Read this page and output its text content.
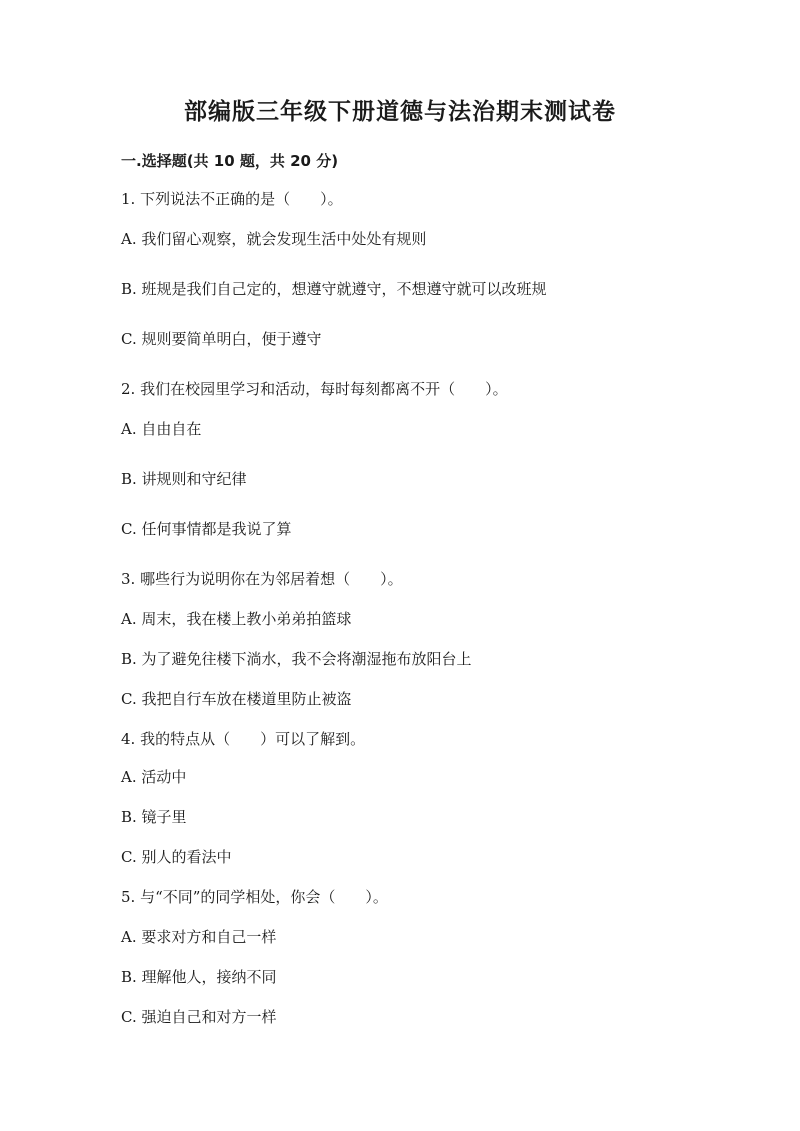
部编版三年级下册道德与法治期末测试卷
一.选择题(共 10 题，共 20 分)
1. 下列说法不正确的是（　　）。
A. 我们留心观察，就会发现生活中处处有规则
B. 班规是我们自己定的，想遵守就遵守，不想遵守就可以改班规
C. 规则要简单明白，便于遵守
2. 我们在校园里学习和活动，每时每刻都离不开（　　）。
A. 自由自在
B. 讲规则和守纪律
C. 任何事情都是我说了算
3. 哪些行为说明你在为邻居着想（　　）。
A. 周末，我在楼上教小弟弟拍篮球
B. 为了避免往楼下淌水，我不会将潮湿拖布放阳台上
C. 我把自行车放在楼道里防止被盗
4. 我的特点从（　　）可以了解到。
A. 活动中
B. 镜子里
C. 别人的看法中
5. 与“不同”的同学相处，你会（　　）。
A. 要求对方和自己一样
B. 理解他人，接纳不同
C. 强迫自己和对方一样
